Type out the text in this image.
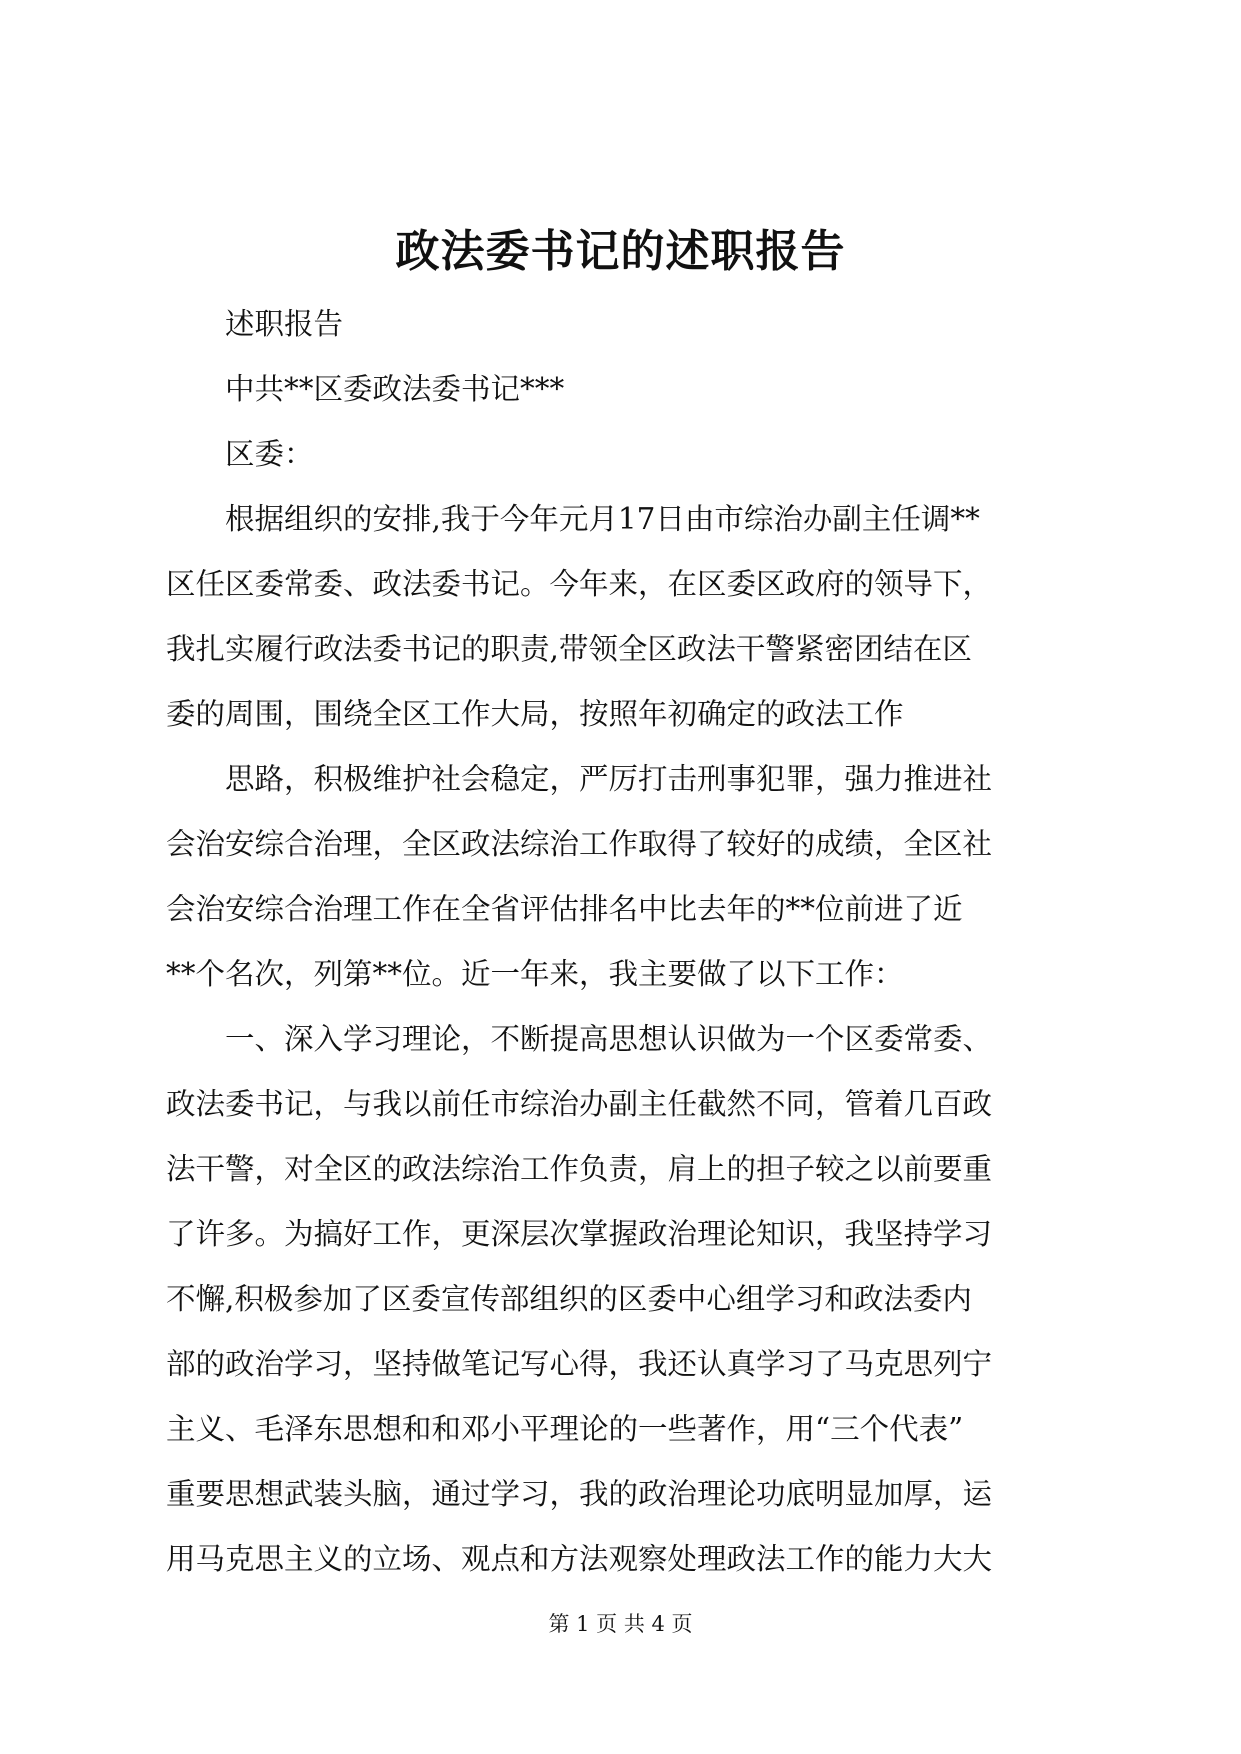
政法委书记的述职报告
述职报告
中共**区委政法委书记***
区委：
根据组织的安排,我于今年元月17日由市综治办副主任调**
区任区委常委、政法委书记。今年来，在区委区政府的领导下，
我扎实履行政法委书记的职责,带领全区政法干警紧密团结在区
委的周围，围绕全区工作大局，按照年初确定的政法工作
思路，积极维护社会稳定，严厉打击刑事犯罪，强力推进社
会治安综合治理，全区政法综治工作取得了较好的成绩，全区社
会治安综合治理工作在全省评估排名中比去年的**位前进了近
**个名次，列第**位。近一年来，我主要做了以下工作：
一、深入学习理论，不断提高思想认识做为一个区委常委、
政法委书记，与我以前任市综治办副主任截然不同，管着几百政
法干警，对全区的政法综治工作负责，肩上的担子较之以前要重
了许多。为搞好工作，更深层次掌握政治理论知识，我坚持学习
不懈,积极参加了区委宣传部组织的区委中心组学习和政法委内
部的政治学习，坚持做笔记写心得，我还认真学习了马克思列宁
主义、毛泽东思想和和邓小平理论的一些著作，用“三个代表”
重要思想武装头脑，通过学习，我的政治理论功底明显加厚，运
用马克思主义的立场、观点和方法观察处理政法工作的能力大大
第 1 页 共 4 页
